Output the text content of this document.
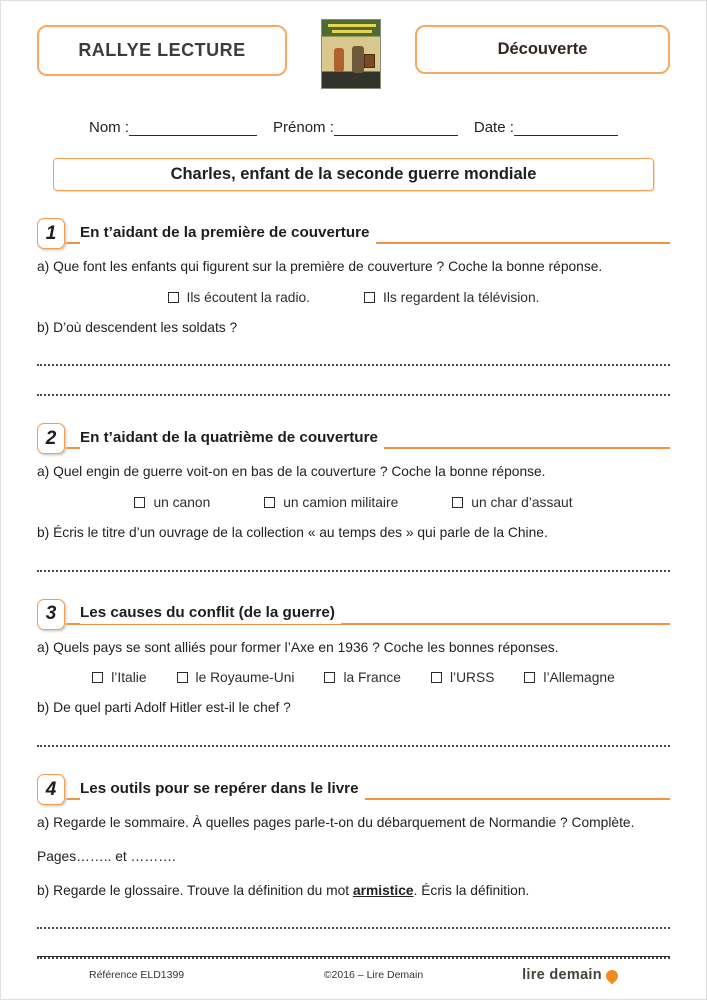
RALLYE LECTURE	Découverte
Nom :	Prénom :	Date :
Charles, enfant de la seconde guerre mondiale
1 En t’aidant de la première de couverture

a) Que font les enfants qui figurent sur la première de couverture ? Coche la bonne réponse.

Ils écoutent la radio.	Ils regardent la télévision.

b) D’où descendent les soldats ?

2 En t’aidant de la quatrième de couverture

a) Quel engin de guerre voit-on en bas de la couverture ? Coche la bonne réponse.

un canon	un camion militaire	un char d’assaut

b) Écris le titre d’un ouvrage de la collection « au temps des » qui parle de la Chine.

3 Les causes du conflit (de la guerre)

a) Quels pays se sont alliés pour former l’Axe en 1936 ? Coche les bonnes réponses.

l’Italie	le Royaume-Uni	la France	l’URSS	l’Allemagne

b) De quel parti Adolf Hitler est-il le chef ?

4 Les outils pour se repérer dans le livre

a) Regarde le sommaire. À quelles pages parle-t-on du débarquement de Normandie ? Complète.

Pages…….. et ……….

b) Regarde le glossaire. Trouve la définition du mot armistice. Écris la définition.

Référence ELD1399	©2016 – Lire Demain	lire demain
